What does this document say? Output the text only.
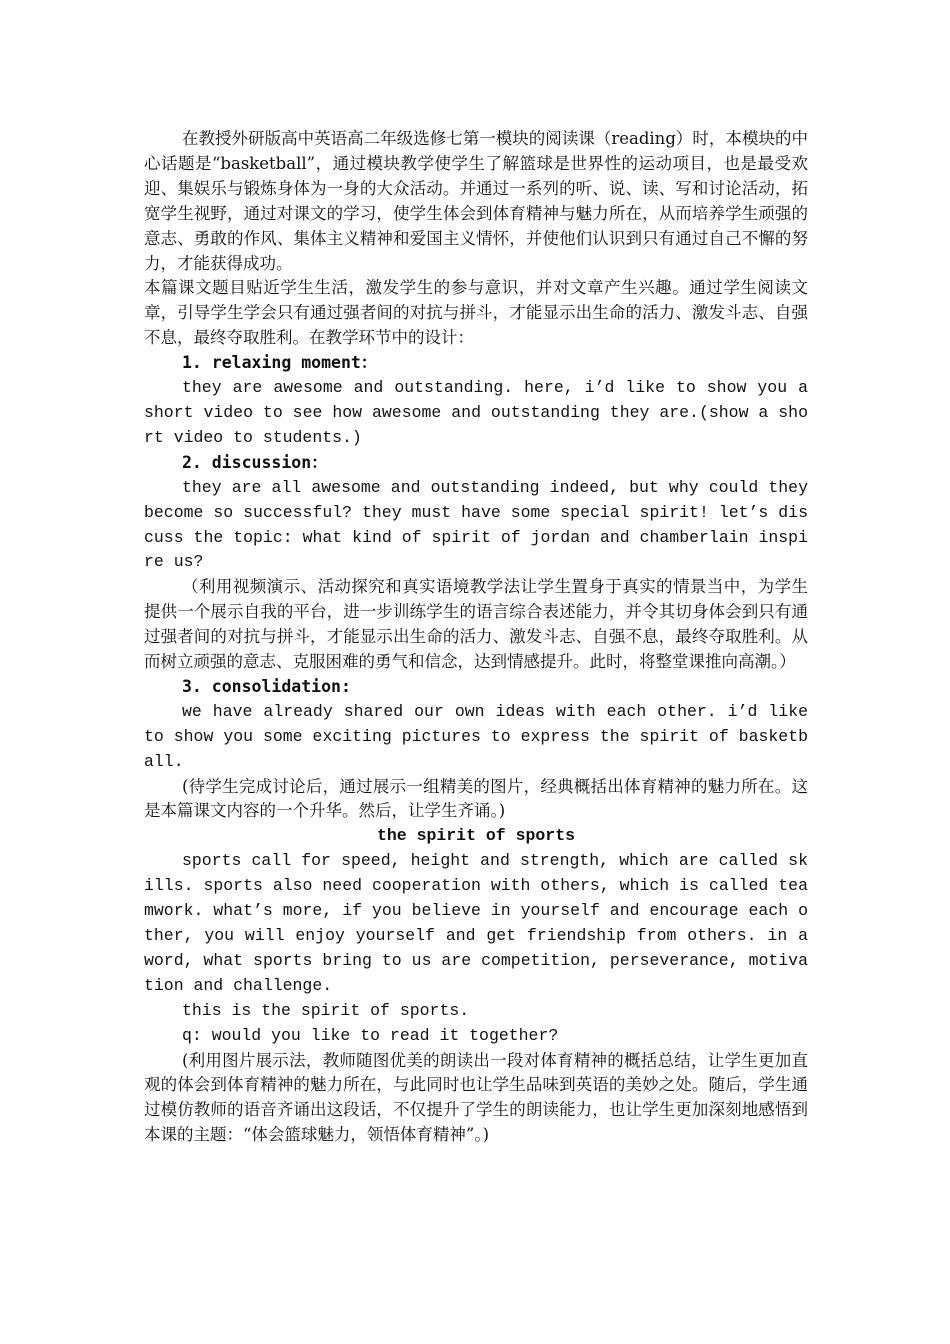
在教授外研版高中英语高二年级选修七第一模块的阅读课（reading）时，本模块的中心话题是“basketball”，通过模块教学使学生了解篮球是世界性的运动项目，也是最受欢迎、集娱乐与锻炼身体为一身的大众活动。并通过一系列的听、说、读、写和讨论活动，拓宽学生视野，通过对课文的学习，使学生体会到体育精神与魅力所在，从而培养学生顽强的意志、勇敢的作风、集体主义精神和爱国主义情怀，并使他们认识到只有通过自己不懈的努力，才能获得成功。

本篇课文题目贴近学生生活，激发学生的参与意识，并对文章产生兴趣。通过学生阅读文章，引导学生学会只有通过强者间的对抗与拼斗，才能显示出生命的活力、激发斗志、自强不息，最终夺取胜利。在教学环节中的设计：

1. relaxing moment：

they are awesome and outstanding. here, i’d like to show you a short video to see how awesome and outstanding they are.(show a short video to students.)

2. discussion：

they are all awesome and outstanding indeed, but why could they become so successful? they must have some special spirit! let’s discuss the topic: what kind of spirit of jordan and chamberlain inspire us?

（利用视频演示、活动探究和真实语境教学法让学生置身于真实的情景当中，为学生提供一个展示自我的平台，进一步训练学生的语言综合表述能力，并令其切身体会到只有通过强者间的对抗与拼斗，才能显示出生命的活力、激发斗志、自强不息，最终夺取胜利。从而树立顽强的意志、克服困难的勇气和信念，达到情感提升。此时，将整堂课推向高潮。）

3. consolidation:

we have already shared our own ideas with each other. i’d like to show you some exciting pictures to express the spirit of basketball.

(待学生完成讨论后，通过展示一组精美的图片，经典概括出体育精神的魅力所在。这是本篇课文内容的一个升华。然后，让学生齐诵。)

the spirit of sports

sports call for speed, height and strength, which are called skills. sports also need cooperation with others, which is called teamwork. what’s more, if you believe in yourself and encourage each other, you will enjoy yourself and get friendship from others. in a word, what sports bring to us are competition, perseverance, motivation and challenge.

this is the spirit of sports.

q: would you like to read it together?

(利用图片展示法，教师随图优美的朗读出一段对体育精神的概括总结，让学生更加直观的体会到体育精神的魅力所在，与此同时也让学生品味到英语的美妙之处。随后，学生通过模仿教师的语音齐诵出这段话，不仅提升了学生的朗读能力，也让学生更加深刻地感悟到本课的主题：“体会篮球魅力，领悟体育精神”。)
